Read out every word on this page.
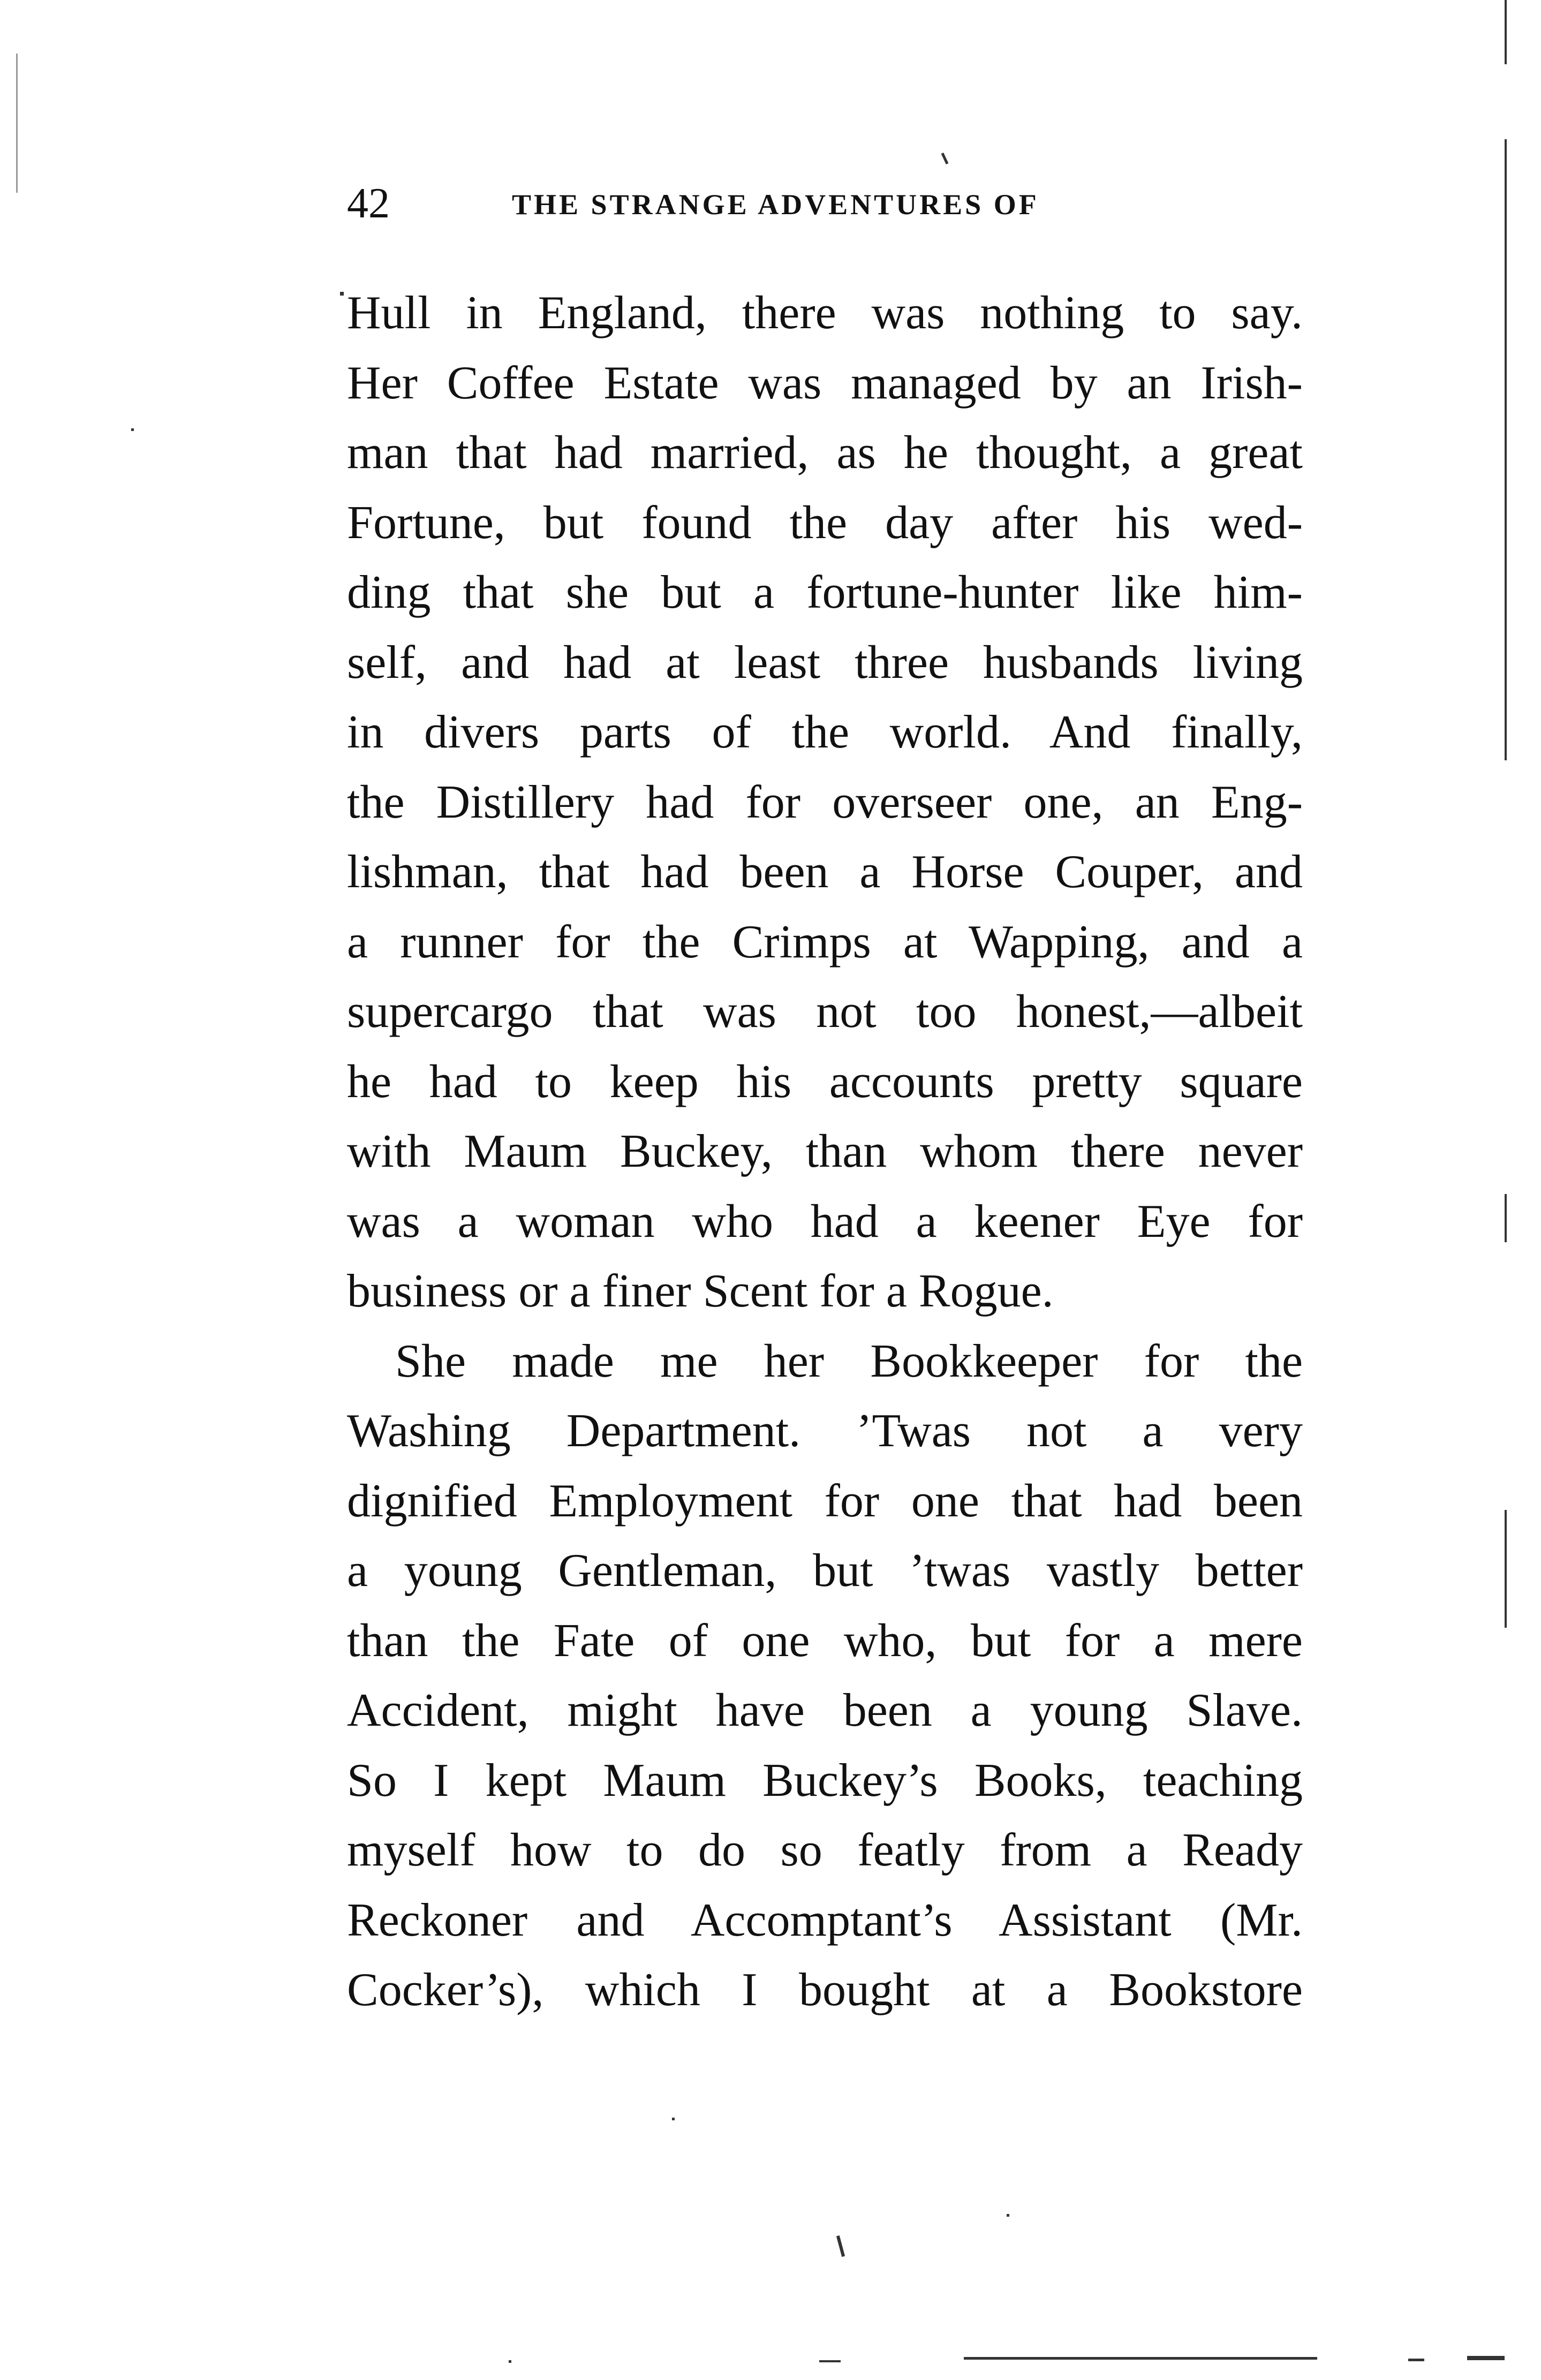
42	THE STRANGE ADVENTURES OF
Hull in England, there was nothing to say.
Her Coffee Estate was managed by an Irish-
man that had married, as he thought, a great
Fortune, but found the day after his wed-
ding that she but a fortune-hunter like him-
self, and had at least three husbands living
in divers parts of the world. And finally,
the Distillery had for overseer one, an Eng-
lishman, that had been a Horse Couper, and
a runner for the Crimps at Wapping, and a
supercargo that was not too honest,—albeit
he had to keep his accounts pretty square
with Maum Buckey, than whom there never
was a woman who had a keener Eye for
business or a finer Scent for a Rogue.
She made me her Bookkeeper for the
Washing Department. ’Twas not a very
dignified Employment for one that had been
a young Gentleman, but ’twas vastly better
than the Fate of one who, but for a mere
Accident, might have been a young Slave.
So I kept Maum Buckey’s Books, teaching
myself how to do so featly from a Ready
Reckoner and Accomptant’s Assistant (Mr.
Cocker’s), which I bought at a Bookstore
